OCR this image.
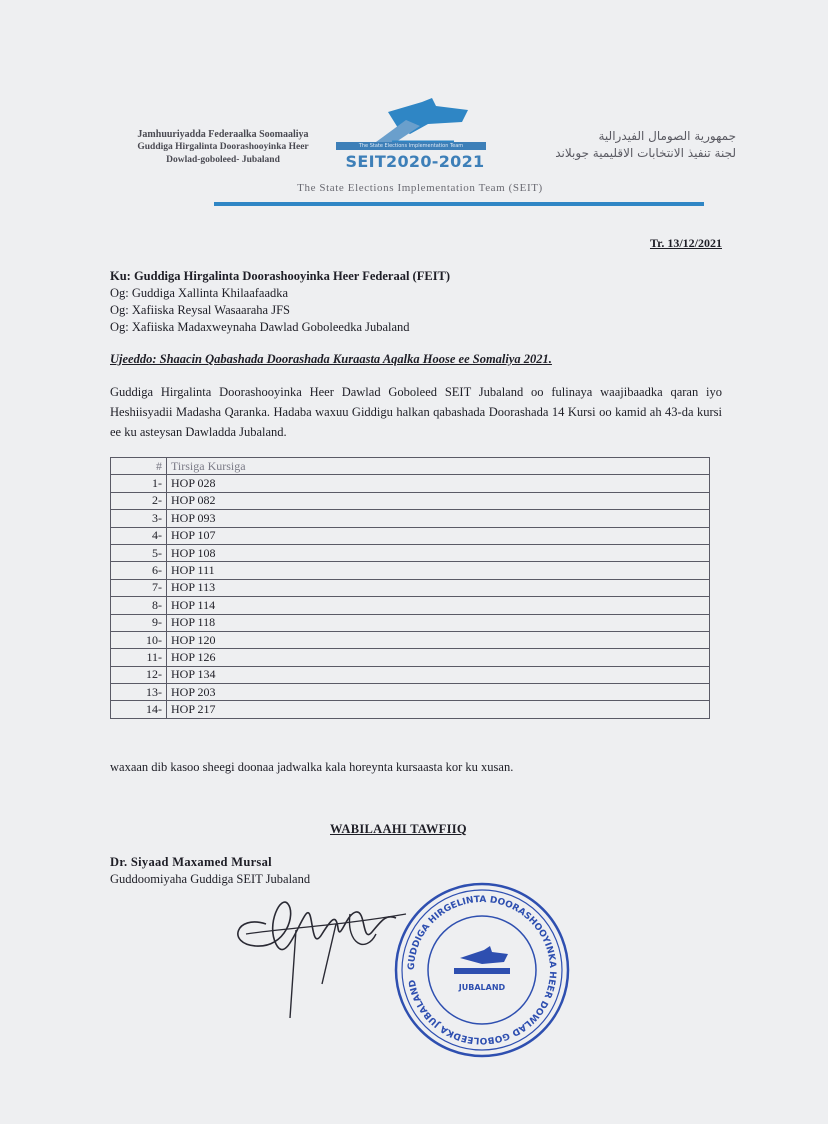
Jamhuuriyadda Federaalka Soomaaliya
Guddiga Hirgalinta Doorashooyinka Heer
Dowlad-goboleed- Jubaland
The State Elections Implementation Team
SEIT2020-2021
جمهورية الصومال الفيدرالية
لجنة تنفيذ الانتخابات الاقليمية جوبلاند
The State Elections Implementation Team (SEIT)
Tr. 13/12/2021
Ku: Guddiga Hirgalinta Doorashooyinka Heer Federaal (FEIT)
Og: Guddiga Xallinta Khilaafaadka
Og: Xafiiska Reysal Wasaaraha JFS
Og: Xafiiska Madaxweynaha Dawlad Goboleedka Jubaland
Ujeeddo: Shaacin Qabashada Doorashada Kuraasta Aqalka Hoose ee Somaliya 2021.
Guddiga Hirgalinta Doorashooyinka Heer Dawlad Goboleed SEIT Jubaland oo fulinaya waajibaadka qaran iyo Heshiisyadii Madasha Qaranka. Hadaba waxuu Giddigu halkan qabashada Doorashada 14 Kursi oo kamid ah 43-da kursi ee ku asteysan Dawladda Jubaland.
#	Tirsiga Kursiga
1-	HOP 028
2-	HOP 082
3-	HOP 093
4-	HOP 107
5-	HOP 108
6-	HOP 111
7-	HOP 113
8-	HOP 114
9-	HOP 118
10-	HOP 120
11-	HOP 126
12-	HOP 134
13-	HOP 203
14-	HOP 217
waxaan dib kasoo sheegi doonaa jadwalka kala horeynta kursaasta kor ku xusan.
WABILAAHI TAWFIIQ
Dr. Siyaad Maxamed Mursal
Guddoomiyaha Guddiga SEIT Jubaland
GUDDIGA HIRGELINTA DOORASHOOYINKA HEER DOWLAD GOBOLEEDKA JUBALAND	JUBALAND
